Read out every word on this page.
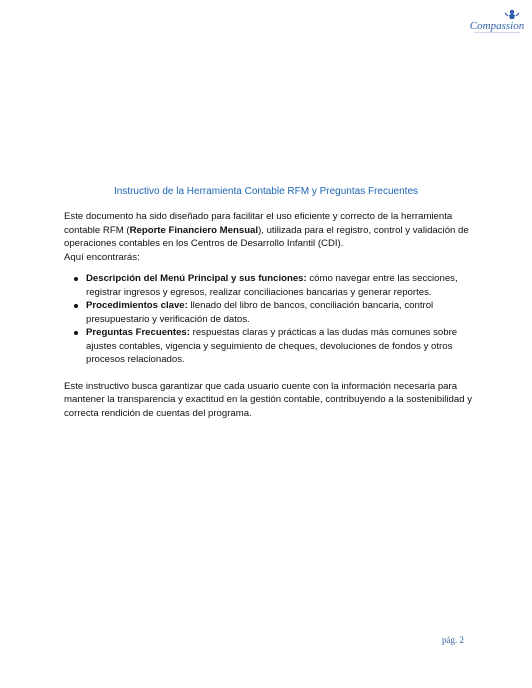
Compassion
Instructivo de la Herramienta Contable RFM y Preguntas Frecuentes

Este documento ha sido diseñado para facilitar el uso eficiente y correcto de la herramienta contable RFM (Reporte Financiero Mensual), utilizada para el registro, control y validación de operaciones contables en los Centros de Desarrollo Infantil (CDI).

Aquí encontrarás:

Descripción del Menú Principal y sus funciones: cómo navegar entre las secciones, registrar ingresos y egresos, realizar conciliaciones bancarias y generar reportes.
Procedimientos clave: llenado del libro de bancos, conciliación bancaria, control presupuestario y verificación de datos.
Preguntas Frecuentes: respuestas claras y prácticas a las dudas más comunes sobre ajustes contables, vigencia y seguimiento de cheques, devoluciones de fondos y otros procesos relacionados.

Este instructivo busca garantizar que cada usuario cuente con la información necesaria para mantener la transparencia y exactitud en la gestión contable, contribuyendo a la sostenibilidad y correcta rendición de cuentas del programa.

pág. 2
